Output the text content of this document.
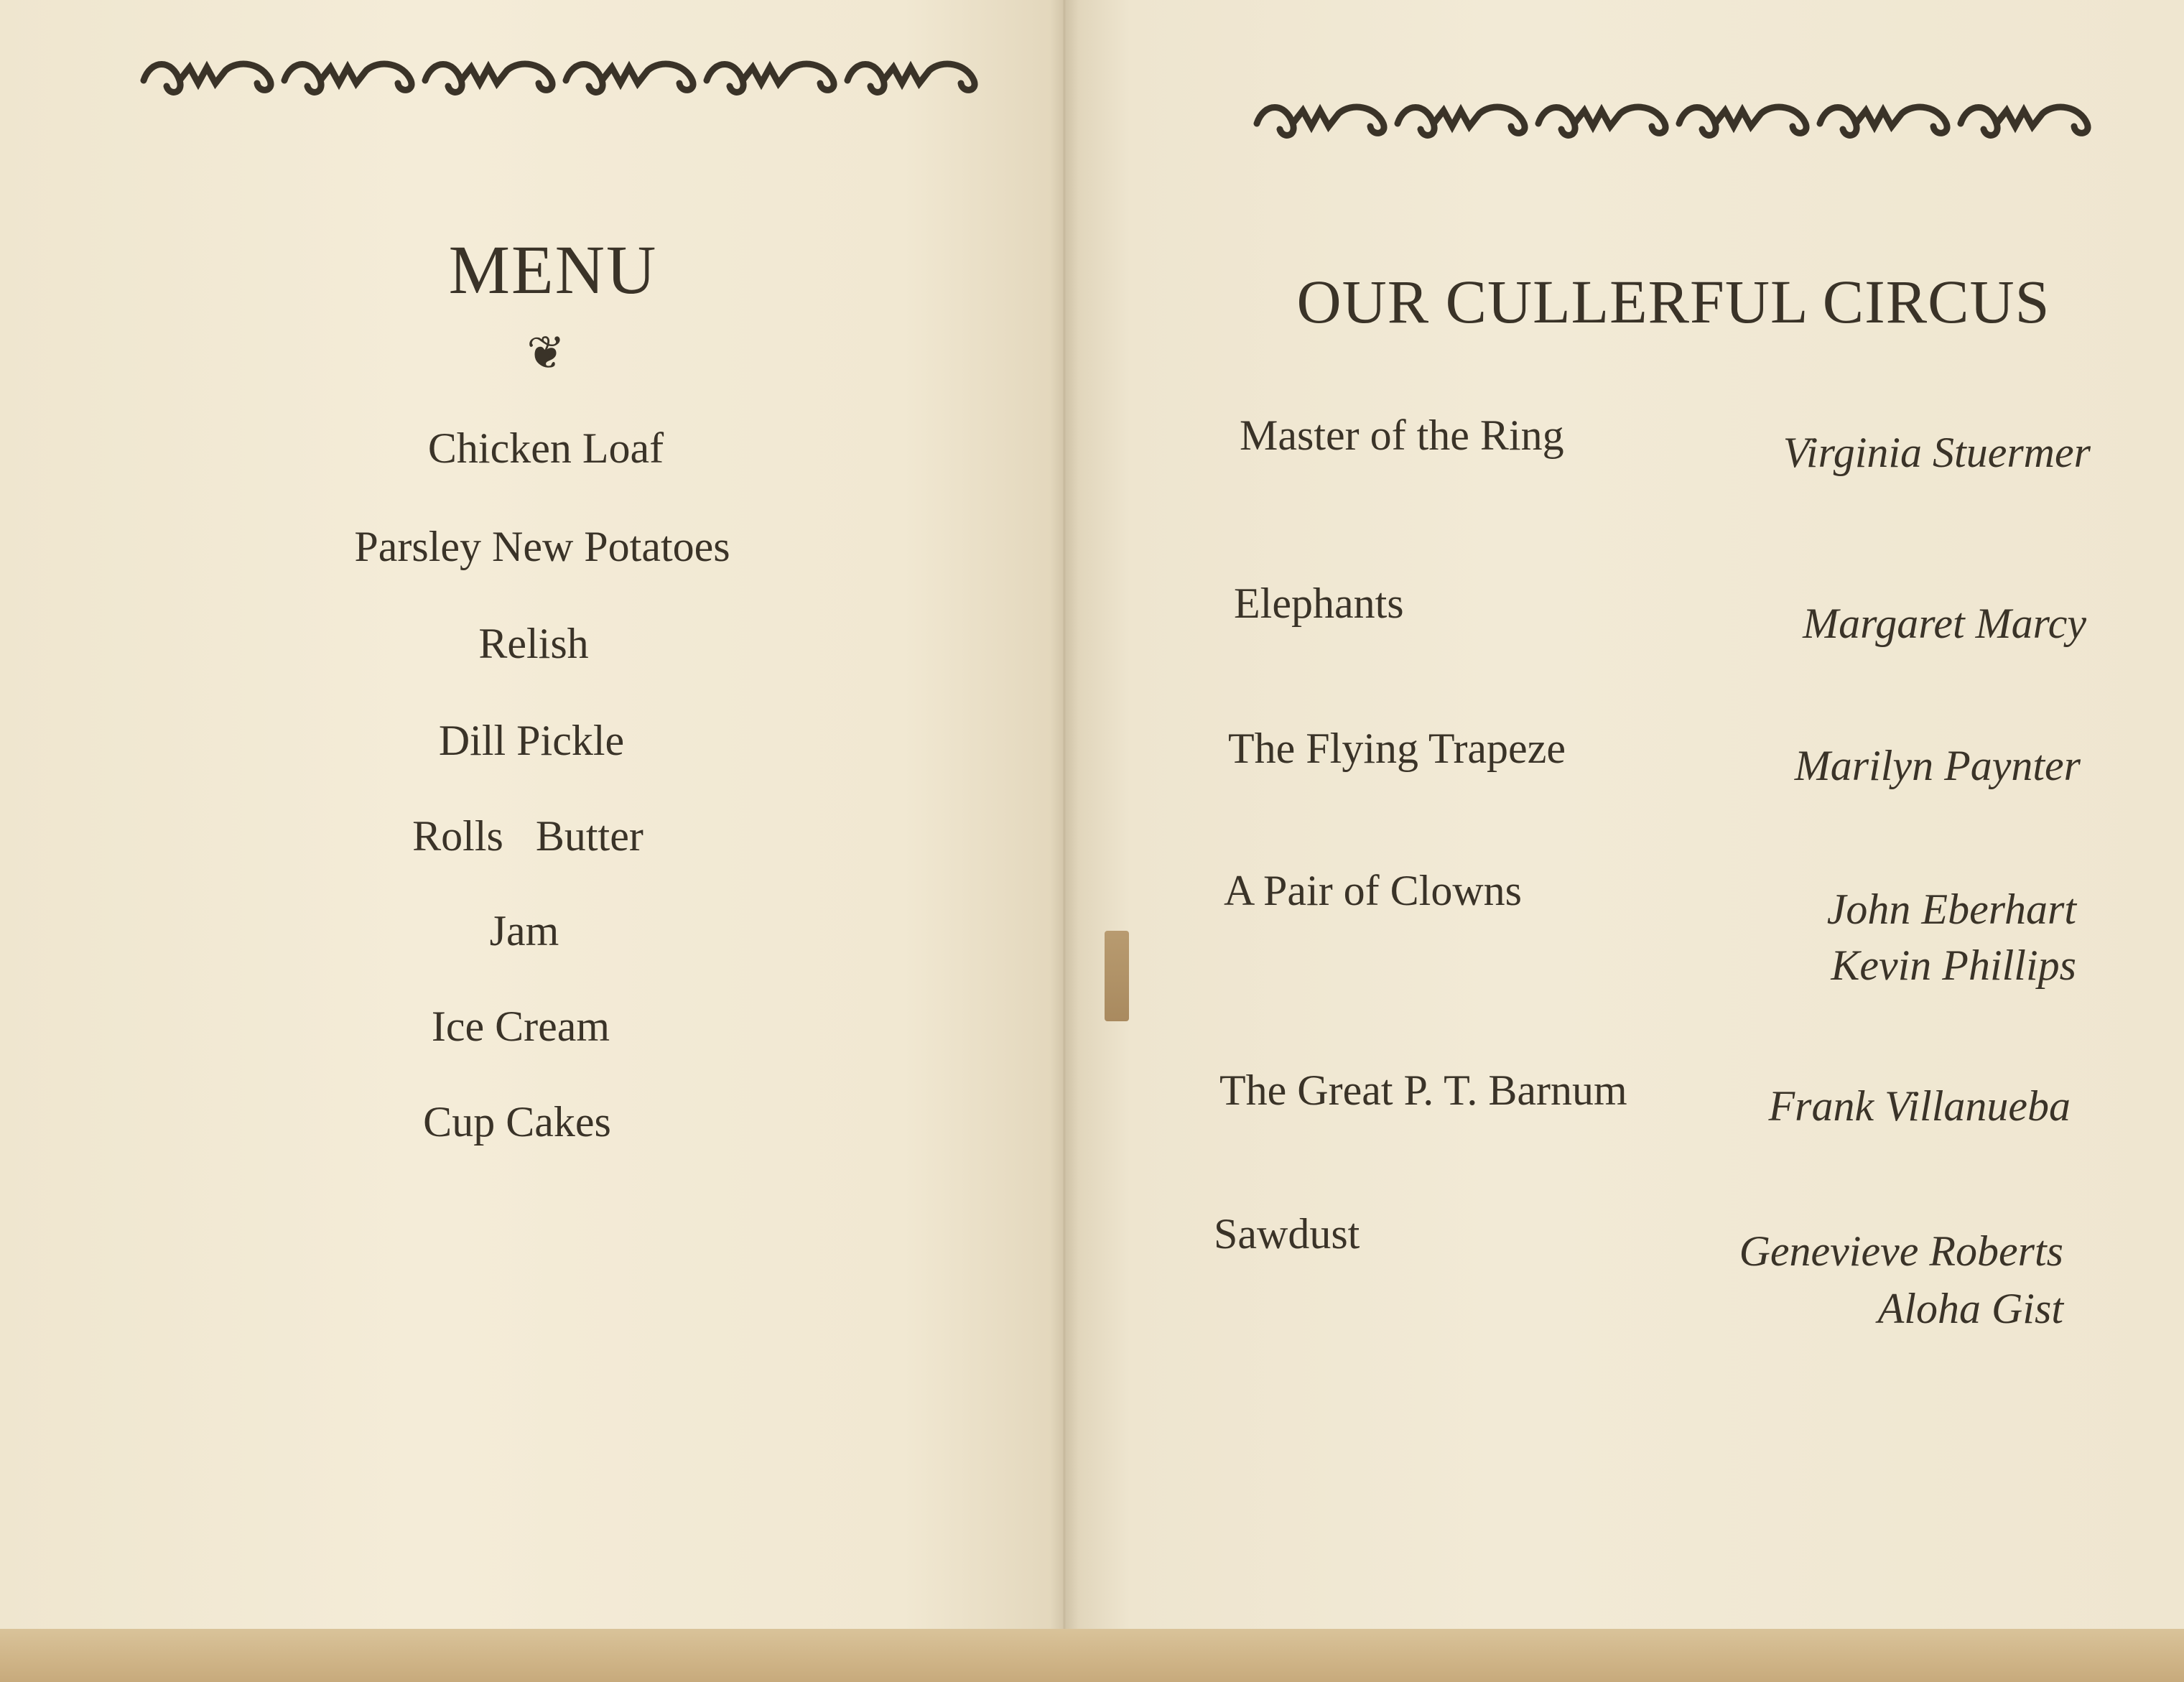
MENU
❦
Chicken Loaf
Parsley New Potatoes
Relish
Dill Pickle
Rolls   Butter
Jam
Ice Cream
Cup Cakes
OUR CULLERFUL CIRCUS
Master of the Ring	Virginia Stuermer
Elephants	Margaret Marcy
The Flying Trapeze	Marilyn Paynter
A Pair of Clowns	John Eberhart
Kevin Phillips
The Great P. T. Barnum	Frank Villanueba
Sawdust	Genevieve Roberts
Aloha Gist
